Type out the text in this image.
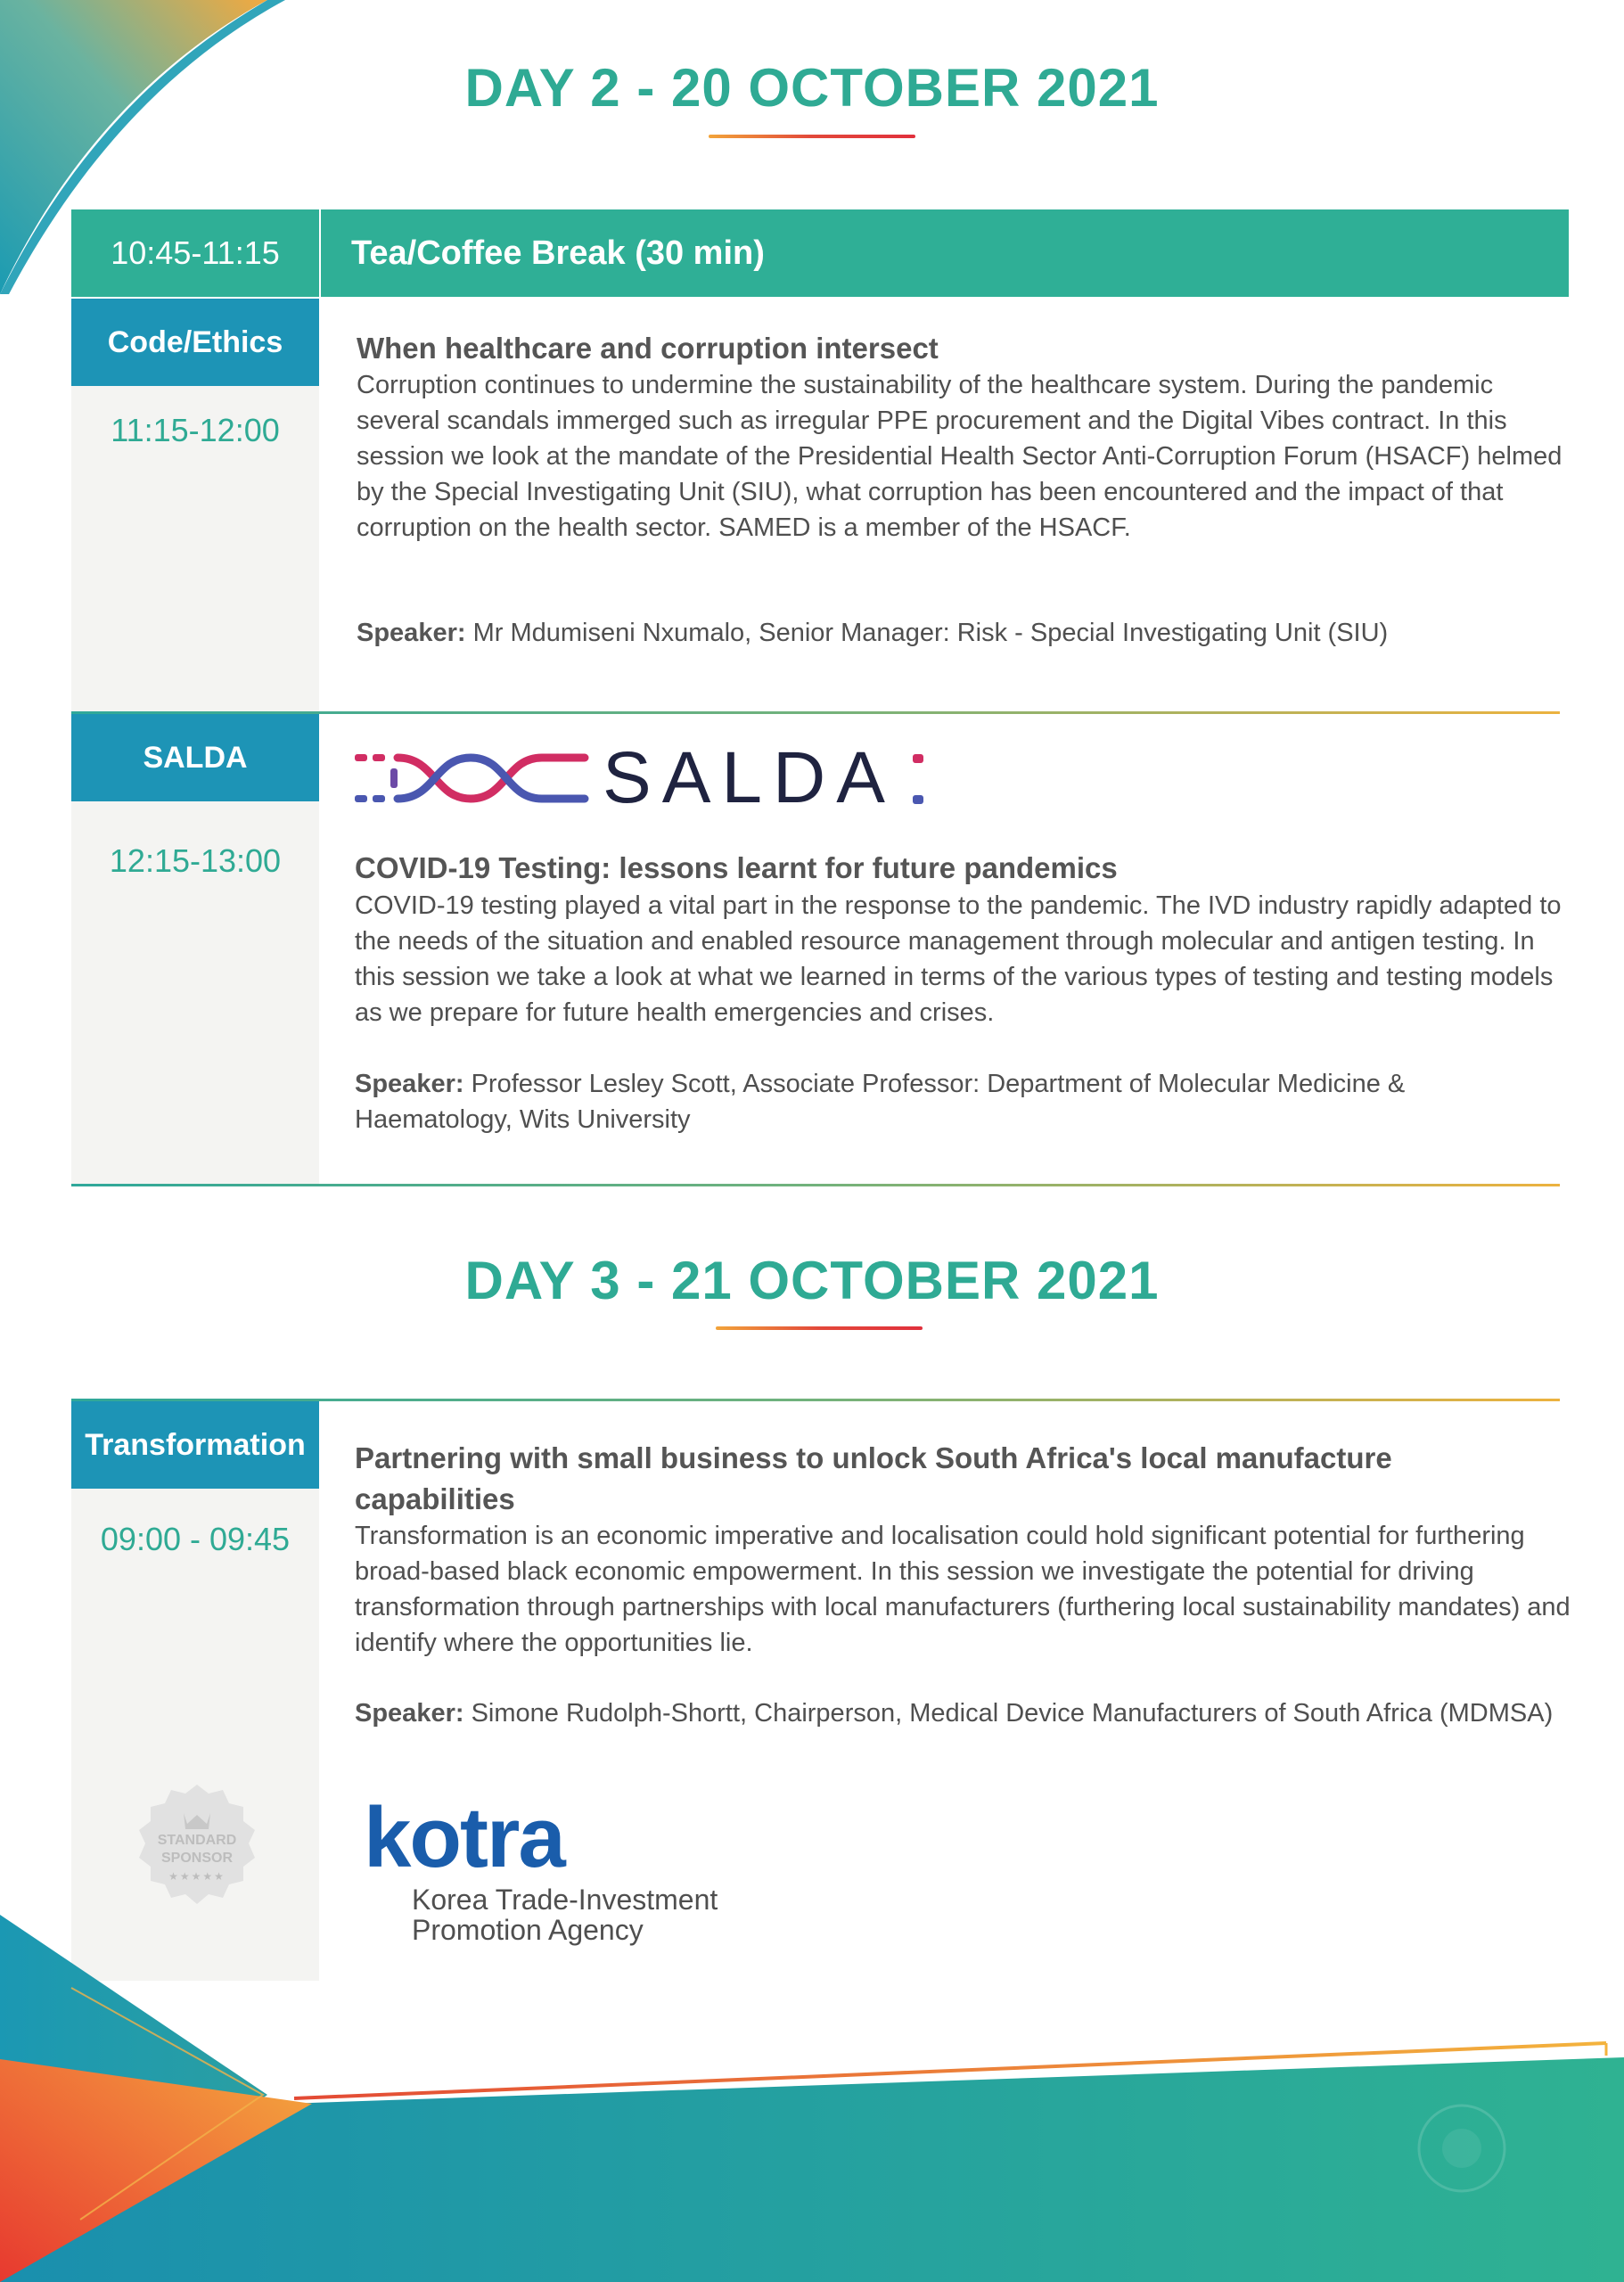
DAY 2 - 20 OCTOBER 2021
10:45-11:15	Tea/Coffee Break (30 min)
Code/Ethics
11:15-12:00
When healthcare and corruption intersect
Corruption continues to undermine the sustainability of the healthcare system. During the pandemic several scandals immerged such as irregular PPE procurement and the Digital Vibes contract. In this session we look at the mandate of the Presidential Health Sector Anti-Corruption Forum (HSACF) helmed by the Special Investigating Unit (SIU), what corruption has been encountered and the impact of that corruption on the health sector. SAMED is a member of the HSACF.
Speaker: Mr Mdumiseni Nxumalo, Senior Manager: Risk - Special Investigating Unit (SIU)
SALDA
12:15-13:00
SALDA
COVID-19 Testing: lessons learnt for future pandemics
COVID-19 testing played a vital part in the response to the pandemic. The IVD industry rapidly adapted to the needs of the situation and enabled resource management through molecular and antigen testing. In this session we take a look at what we learned in terms of the various types of testing and testing models as we prepare for future health emergencies and crises.
Speaker: Professor Lesley Scott, Associate Professor: Department of Molecular Medicine & Haematology, Wits University
DAY 3 - 21 OCTOBER 2021
Transformation
09:00 - 09:45
Partnering with small business to unlock South Africa's local manufacture capabilities
Transformation is an economic imperative and localisation could hold significant potential for furthering broad-based black economic empowerment. In this session we investigate the potential for driving transformation through partnerships with local manufacturers (furthering local sustainability mandates) and identify where the opportunities lie.
Speaker: Simone Rudolph-Shortt, Chairperson, Medical Device Manufacturers of South Africa (MDMSA)
STANDARD
SPONSOR
★★★★★	kotra
Korea Trade-Investment
Promotion Agency
